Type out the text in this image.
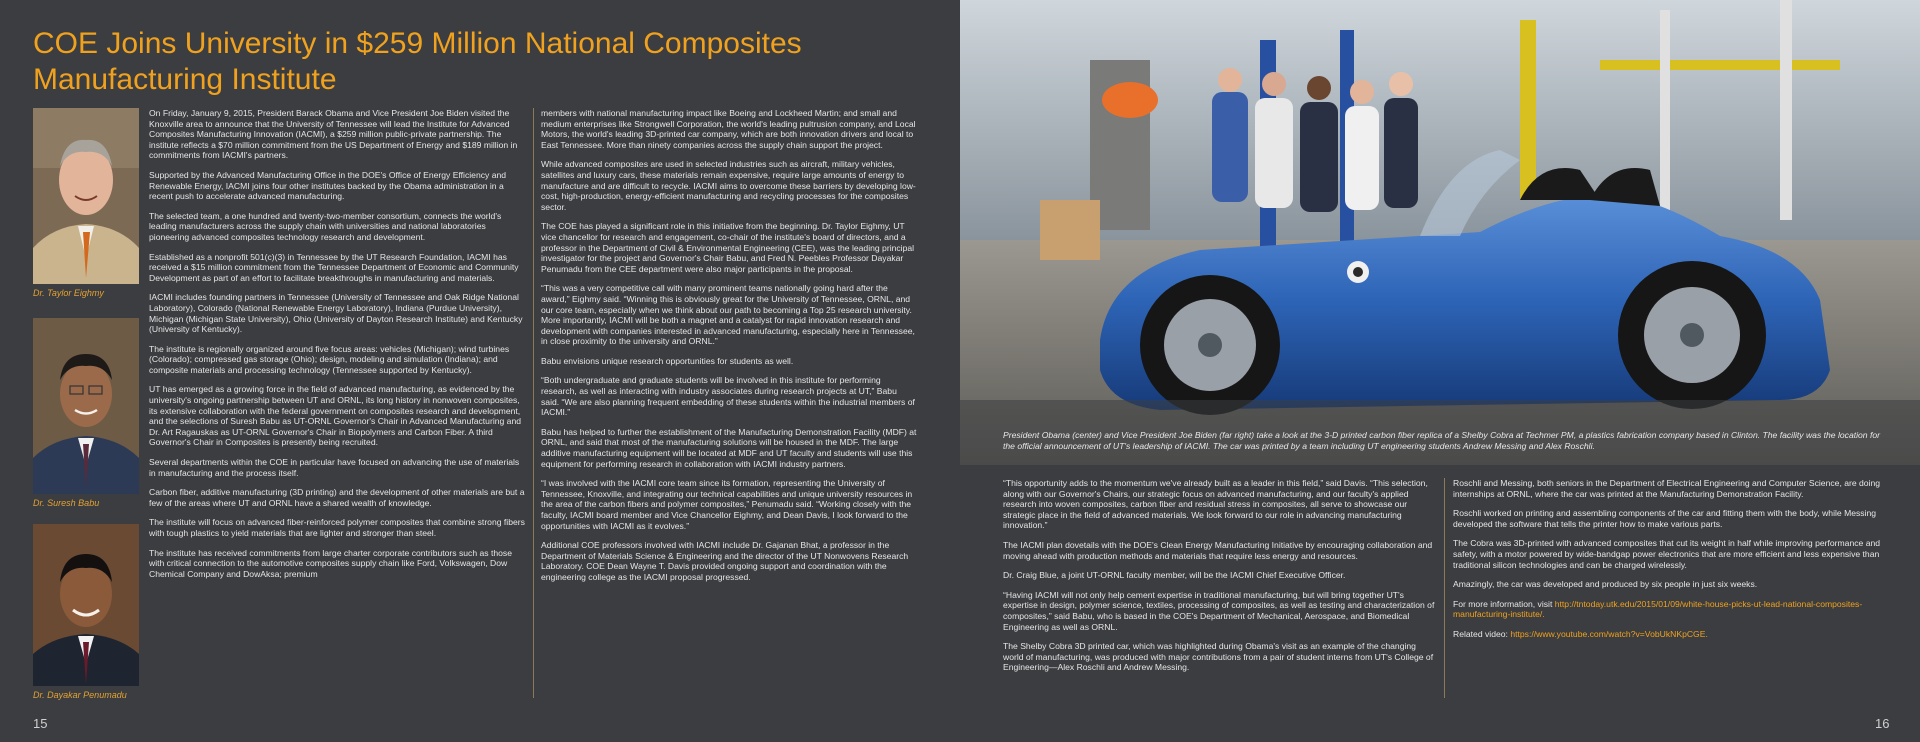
COE Joins University in $259 Million National Composites Manufacturing Institute
Dr. Taylor Eighmy
Dr. Suresh Babu
Dr. Dayakar Penumadu

On Friday, January 9, 2015, President Barack Obama and Vice President Joe Biden visited the Knoxville area to announce that the University of Tennessee will lead the Institute for Advanced Composites Manufacturing Innovation (IACMI), a $259 million public-private partnership. The institute reflects a $70 million commitment from the US Department of Energy and $189 million in commitments from IACMI's partners.

Supported by the Advanced Manufacturing Office in the DOE's Office of Energy Efficiency and Renewable Energy, IACMI joins four other institutes backed by the Obama administration in a recent push to accelerate advanced manufacturing.

The selected team, a one hundred and twenty-two-member consortium, connects the world's leading manufacturers across the supply chain with universities and national laboratories pioneering advanced composites technology research and development.

Established as a nonprofit 501(c)(3) in Tennessee by the UT Research Foundation, IACMI has received a $15 million commitment from the Tennessee Department of Economic and Community Development as part of an effort to facilitate breakthroughs in manufacturing and materials.

IACMI includes founding partners in Tennessee (University of Tennessee and Oak Ridge National Laboratory), Colorado (National Renewable Energy Laboratory), Indiana (Purdue University), Michigan (Michigan State University), Ohio (University of Dayton Research Institute) and Kentucky (University of Kentucky).

The institute is regionally organized around five focus areas: vehicles (Michigan); wind turbines (Colorado); compressed gas storage (Ohio); design, modeling and simulation (Indiana); and composite materials and processing technology (Tennessee supported by Kentucky).

UT has emerged as a growing force in the field of advanced manufacturing, as evidenced by the university's ongoing partnership between UT and ORNL, its long history in nonwoven composites, its extensive collaboration with the federal government on composites research and development, and the selections of Suresh Babu as UT-ORNL Governor's Chair in Advanced Manufacturing and Dr. Art Ragauskas as UT-ORNL Governor's Chair in Biopolymers and Carbon Fiber. A third Governor's Chair in Composites is presently being recruited.

Several departments within the COE in particular have focused on advancing the use of materials in manufacturing and the process itself.

Carbon fiber, additive manufacturing (3D printing) and the development of other materials are but a few of the areas where UT and ORNL have a shared wealth of knowledge.

The institute will focus on advanced fiber-reinforced polymer composites that combine strong fibers with tough plastics to yield materials that are lighter and stronger than steel.

The institute has received commitments from large charter corporate contributors such as those with critical connection to the automotive composites supply chain like Ford, Volkswagen, Dow Chemical Company and DowAksa; premium

members with national manufacturing impact like Boeing and Lockheed Martin; and small and medium enterprises like Strongwell Corporation, the world's leading pultrusion company, and Local Motors, the world's leading 3D-printed car company, which are both innovation drivers and local to East Tennessee. More than ninety companies across the supply chain support the project.

While advanced composites are used in selected industries such as aircraft, military vehicles, satellites and luxury cars, these materials remain expensive, require large amounts of energy to manufacture and are difficult to recycle. IACMI aims to overcome these barriers by developing low-cost, high-production, energy-efficient manufacturing and recycling processes for the composites sector.

The COE has played a significant role in this initiative from the beginning. Dr. Taylor Eighmy, UT vice chancellor for research and engagement, co-chair of the institute's board of directors, and a professor in the Department of Civil & Environmental Engineering (CEE), was the leading principal investigator for the project and Governor's Chair Babu, and Fred N. Peebles Professor Dayakar Penumadu from the CEE department were also major participants in the proposal.

“This was a very competitive call with many prominent teams nationally going hard after the award,” Eighmy said. “Winning this is obviously great for the University of Tennessee, ORNL, and our core team, especially when we think about our path to becoming a Top 25 research university. More importantly, IACMI will be both a magnet and a catalyst for rapid innovation research and development with companies interested in advanced manufacturing, especially here in Tennessee, in close proximity to the university and ORNL.”

Babu envisions unique research opportunities for students as well.

“Both undergraduate and graduate students will be involved in this institute for performing research, as well as interacting with industry associates during research projects at UT,” Babu said. “We are also planning frequent embedding of these students within the industrial members of IACMI.”

Babu has helped to further the establishment of the Manufacturing Demonstration Facility (MDF) at ORNL, and said that most of the manufacturing solutions will be housed in the MDF. The large additive manufacturing equipment will be located at MDF and UT faculty and students will use this equipment for performing research in collaboration with IACMI industry partners.

“I was involved with the IACMI core team since its formation, representing the University of Tennessee, Knoxville, and integrating our technical capabilities and unique university resources in the area of the carbon fibers and polymer composites,” Penumadu said. “Working closely with the faculty, IACMI board member and Vice Chancellor Eighmy, and Dean Davis, I look forward to the opportunities with IACMI as it evolves.”

Additional COE professors involved with IACMI include Dr. Gajanan Bhat, a professor in the Department of Materials Science & Engineering and the director of the UT Nonwovens Research Laboratory. COE Dean Wayne T. Davis provided ongoing support and coordination with the engineering college as the IACMI proposal progressed.

President Obama (center) and Vice President Joe Biden (far right) take a look at the 3-D printed carbon fiber replica of a Shelby Cobra at Techmer PM, a plastics fabrication company based in Clinton. The facility was the location for the official announcement of UT's leadership of IACMI. The car was printed by a team including UT engineering students Andrew Messing and Alex Roschli.

“This opportunity adds to the momentum we've already built as a leader in this field,” said Davis. “This selection, along with our Governor's Chairs, our strategic focus on advanced manufacturing, and our faculty's applied research into woven composites, carbon fiber and residual stress in composites, all serve to showcase our strategic place in the field of advanced materials. We look forward to our role in advancing manufacturing innovation.”

The IACMI plan dovetails with the DOE's Clean Energy Manufacturing Initiative by encouraging collaboration and moving ahead with production methods and materials that require less energy and resources.

Dr. Craig Blue, a joint UT-ORNL faculty member, will be the IACMI Chief Executive Officer.

“Having IACMI will not only help cement expertise in traditional manufacturing, but will bring together UT's expertise in design, polymer science, textiles, processing of composites, as well as testing and characterization of composites,” said Babu, who is based in the COE's Department of Mechanical, Aerospace, and Biomedical Engineering as well as ORNL.

The Shelby Cobra 3D printed car, which was highlighted during Obama's visit as an example of the changing world of manufacturing, was produced with major contributions from a pair of student interns from UT's College of Engineering—Alex Roschli and Andrew Messing.

Roschli and Messing, both seniors in the Department of Electrical Engineering and Computer Science, are doing internships at ORNL, where the car was printed at the Manufacturing Demonstration Facility.

Roschli worked on printing and assembling components of the car and fitting them with the body, while Messing developed the software that tells the printer how to make various parts.

The Cobra was 3D-printed with advanced composites that cut its weight in half while improving performance and safety, with a motor powered by wide-bandgap power electronics that are more efficient and less expensive than traditional silicon technologies and can be charged wirelessly.

Amazingly, the car was developed and produced by six people in just six weeks.

For more information, visit http://tntoday.utk.edu/2015/01/09/white-house-picks-ut-lead-national-composites-manufacturing-institute/.

Related video: https://www.youtube.com/watch?v=VobUkNKpCGE.

15	16
